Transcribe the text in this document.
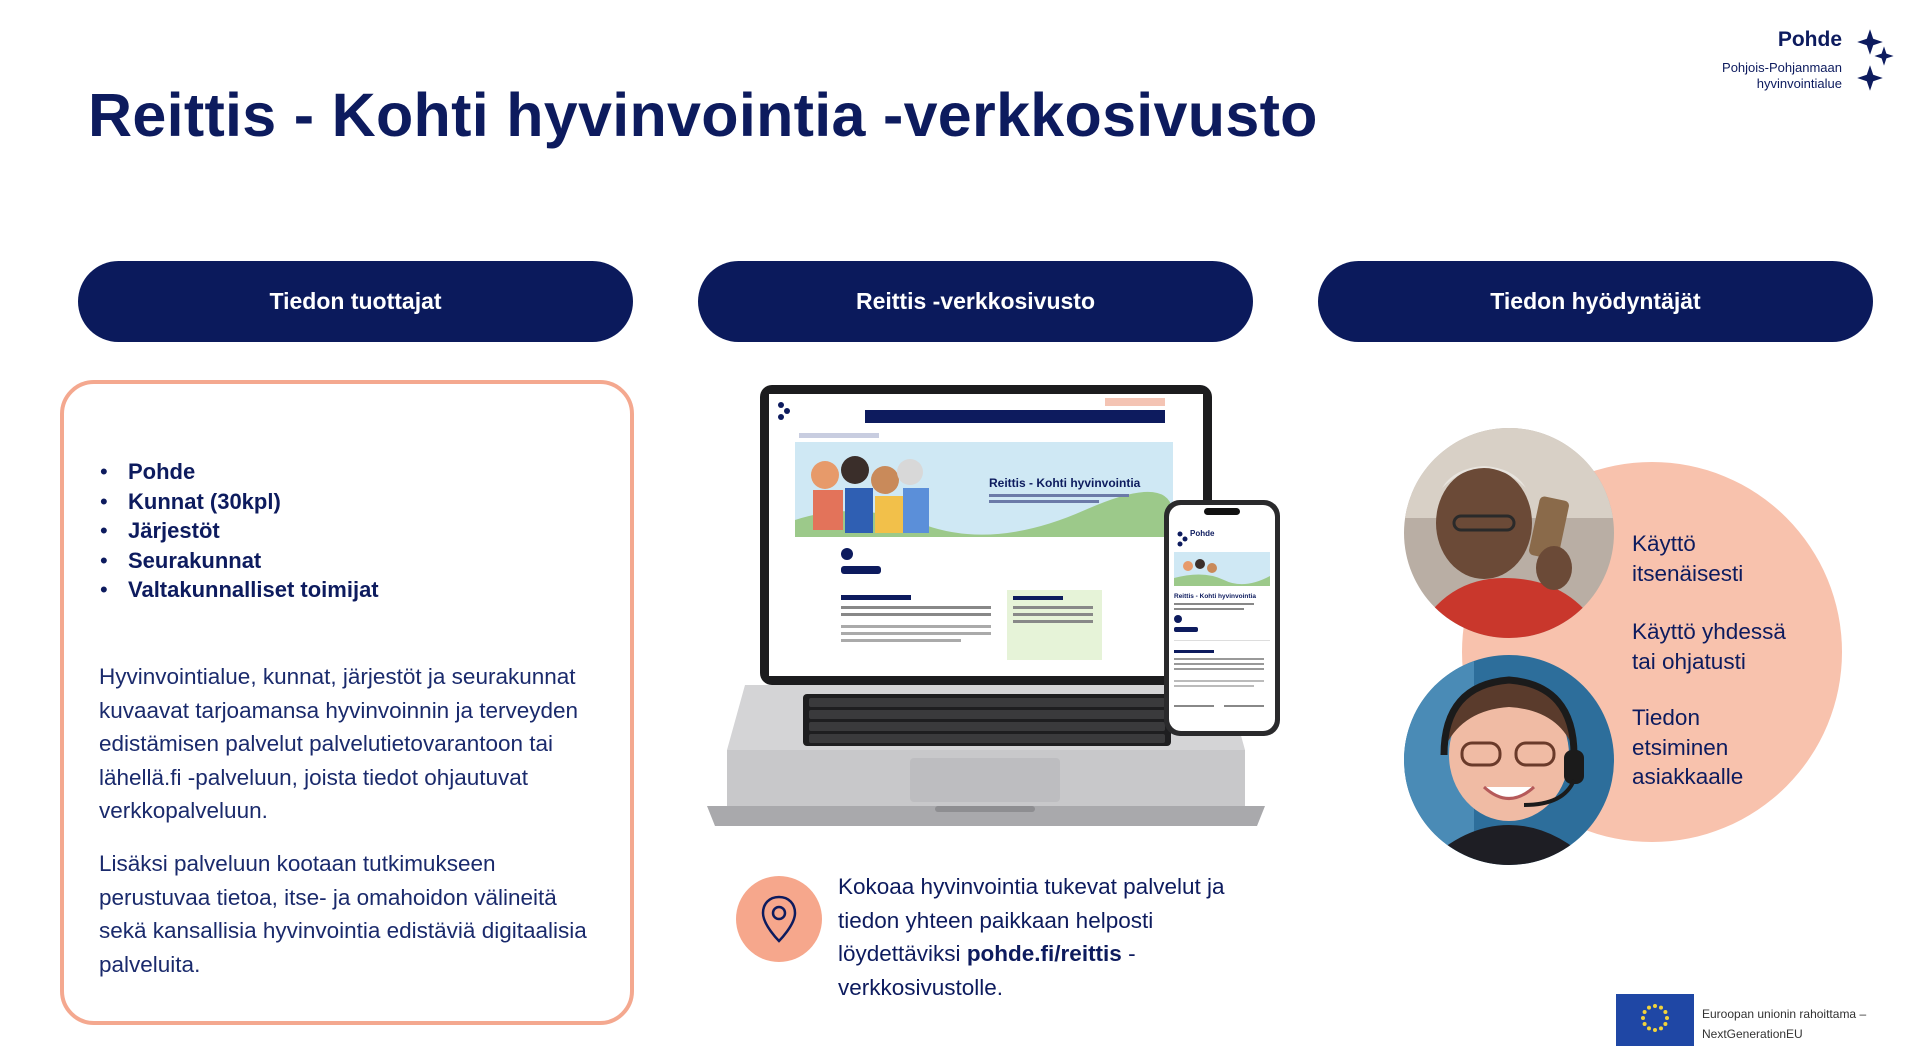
Pohde
Pohjois-Pohjanmaan
hyvinvointialue
Reittis - Kohti hyvinvointia -verkkosivusto
Tiedon tuottajat	Reittis -verkkosivusto	Tiedon hyödyntäjät
• Pohde
• Kunnat (30kpl)
• Järjestöt
• Seurakunnat
• Valtakunnalliset toimijat
Hyvinvointialue, kunnat, järjestöt ja seurakunnat kuvaavat tarjoamansa hyvinvoinnin ja terveyden edistämisen palvelut palvelutietovarantoon tai lähellä.fi -palveluun, joista tiedot ohjautuvat verkkopalveluun.
Lisäksi palveluun kootaan tutkimukseen perustuvaa tietoa, itse- ja omahoidon välineitä sekä kansallisia hyvinvointia edistäviä digitaalisia palveluita.
Reittis - Kohti hyvinvointia
Pohde
Reittis - Kohti hyvinvointia
Kokoaa hyvinvointia tukevat palvelut ja tiedon yhteen paikkaan helposti löydettäviksi pohde.fi/reittis -verkkosivustolle.
Käyttö
itsenäisesti
Käyttö yhdessä
tai ohjatusti
Tiedon
etsiminen
asiakkaalle
Euroopan unionin rahoittama –
NextGenerationEU
